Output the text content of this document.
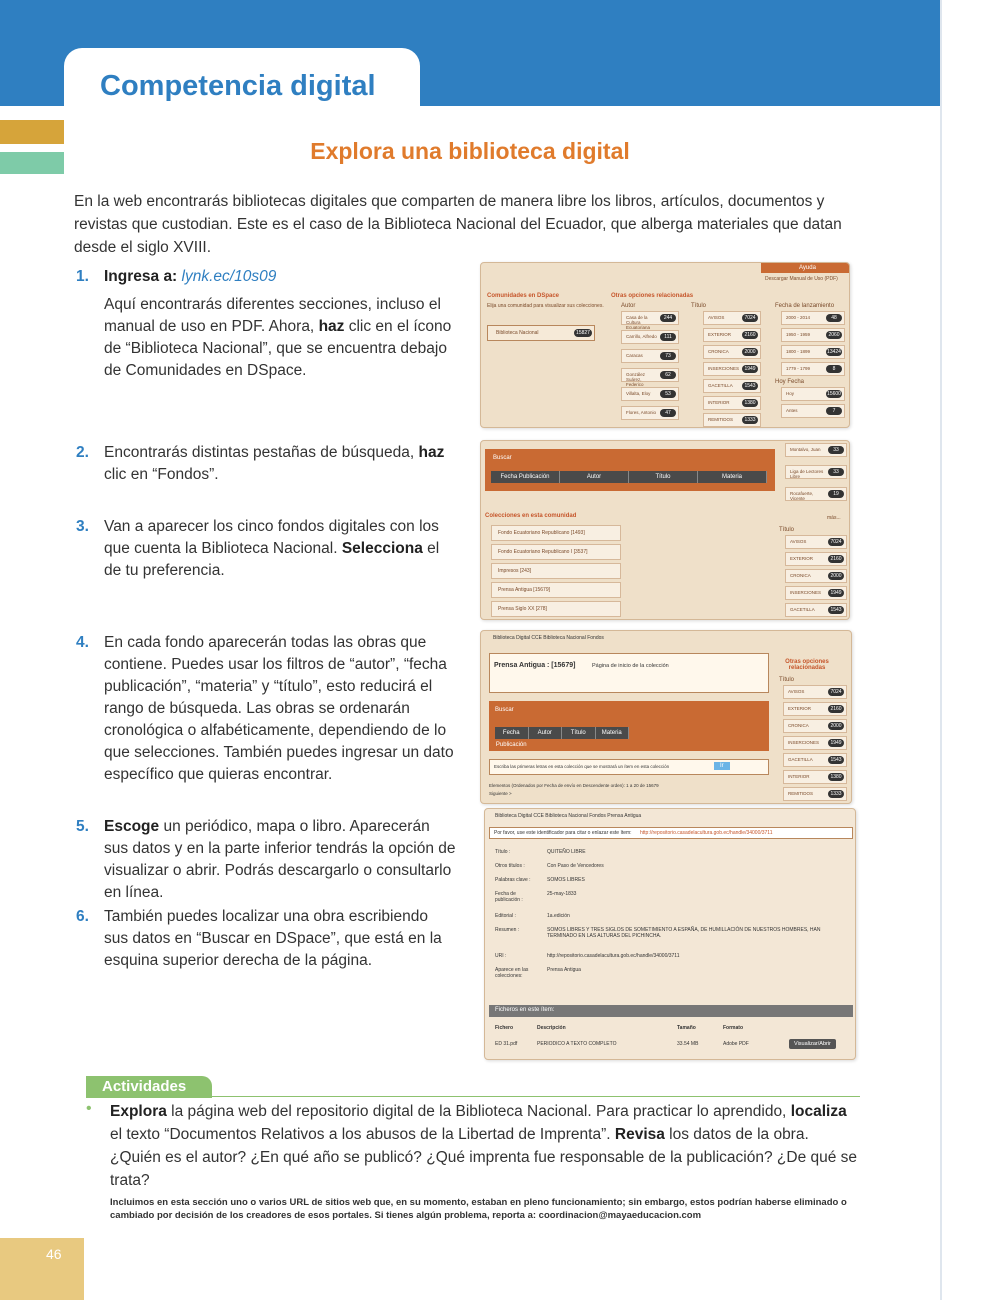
Competencia digital
46
Explora una biblioteca digital

En la web encontrarás bibliotecas digitales que comparten de manera libre los libros, artículos, documentos y revistas que custodian. Este es el caso de la Biblioteca Nacional del Ecuador, que alberga materiales que datan desde el siglo XVIII.

1. Ingresa a: lynk.ec/10s09
Aquí encontrarás diferentes secciones, incluso el manual de uso en PDF. Ahora, haz clic en el ícono de “Biblioteca Nacional”, que se encuentra debajo de Comunidades en DSpace.
2. Encontrarás distintas pestañas de búsqueda, haz clic en “Fondos”.
3. Van a aparecer los cinco fondos digitales con los que cuenta la Biblioteca Nacional. Selecciona el de tu preferencia.
4. En cada fondo aparecerán todas las obras que contiene. Puedes usar los filtros de “autor”, “fecha publicación”, “materia” y “título”, esto reducirá el rango de búsqueda. Las obras se ordenarán cronológica o alfabéticamente, dependiendo de lo que selecciones. También puedes ingresar un dato específico que quieras encontrar.
5. Escoge un periódico, mapa o libro. Aparecerán sus datos y en la parte inferior tendrás la opción de visualizar o abrir. Podrás descargarlo o consultarlo en línea.
6. También puedes localizar una obra escribiendo sus datos en “Buscar en DSpace”, que está en la esquina superior derecha de la página.
Ayuda
Descargar Manual de Uso (PDF)
Comunidades en DSpace
Elija una comunidad para visualizar sus colecciones.
Biblioteca Nacional	15827
Otras opciones relacionadas
Autor	Título	Fecha de lanzamiento
Hoy Fecha
Casa de la Cultura Ecuatoriana
244
Carrillo, Alfredo	111
Caracas	73
González Suárez, Federico
62
Villalta, Eloy	53
Flores, Antonio	47
AVISOS	7024
EXTERIOR	2160
CRONICA	2000
INSERCIONES	1949
GACETILLA	1543
INTERIOR	1380
REMITIDOS	1333
2000 - 2014	48
1950 - 1959	2060
1800 - 1899	13424
1779 - 1799	8
Hoy	15600
Antes	7
Buscar
Fecha Publicación	Autor	Título	Materia
Colecciones en esta comunidad
Fondo Ecuatoriano Republicano [1493]
Fondo Ecuatoriano Republicano I [3537]
Impresos [243]
Prensa Antigua [15679]
Prensa Siglo XX [278]
Montalvo, Juan	33
Liga de Lectores Libre
33
Rocafuerte, Vicente
19
más...
Título
AVISOS	7024
EXTERIOR	2160
CRONICA	2000
INSERCIONES	1949
GACETILLA	1543
Biblioteca Digital CCE Biblioteca Nacional Fondos
Prensa Antigua : [15679]	Página de inicio de la colección
Buscar
Fecha Publicación
Autor	Título	Materia
Escriba las primeras letras en esta colección que se mostrará un ítem en esta colección	Ir
Elementos (Ordenados por Fecha de envío en Descendente orden): 1 a 20 de 15679
Siguiente >
Otras opciones relacionadas
Título
AVISOS	7024
EXTERIOR	2160
CRONICA	2000
INSERCIONES	1949
GACETILLA	1543
INTERIOR	1380
REMITIDOS	1333
Biblioteca Digital CCE Biblioteca Nacional Fondos Prensa Antigua
Por favor, use este identificador para citar o enlazar este ítem: http://repositorio.casadelacultura.gob.ec/handle/34000/3711
Título :	QUITEÑO LIBRE
Otros títulos :	Con Paso de Vencedores
Palabras clave :	SOMOS LIBRES
Fecha de publicación :
25-may-1833
Editorial :	1a.edición
Resumen :	SOMOS LIBRES Y TRES SIGLOS DE SOMETIMIENTO A ESPAÑA, DE HUMILLACIÓN DE NUESTROS HOMBRES, HAN TERMINADO EN LAS ALTURAS DEL PICHINCHA.
URI :	http://repositorio.casadelacultura.gob.ec/handle/34000/3711
Aparece en las colecciones:
Prensa Antigua
Ficheros en este ítem:
Fichero	Descripción	Tamaño	Formato
ED 31.pdf	PERIODICO A TEXTO COMPLETO	33.54 MB	Adobe PDF	Visualizar/Abrir
Actividades
• Explora la página web del repositorio digital de la Biblioteca Nacional. Para practicar lo aprendido, localiza el texto “Documentos Relativos a los abusos de la Libertad de Imprenta”. Revisa los datos de la obra. ¿Quién es el autor? ¿En qué año se publicó? ¿Qué imprenta fue responsable de la publicación? ¿De qué se trata?

Incluimos en esta sección uno o varios URL de sitios web que, en su momento, estaban en pleno funcionamiento; sin embargo, estos podrían haberse eliminado o cambiado por decisión de los creadores de esos portales. Si tienes algún problema, reporta a: coordinacion@mayaeducacion.com
